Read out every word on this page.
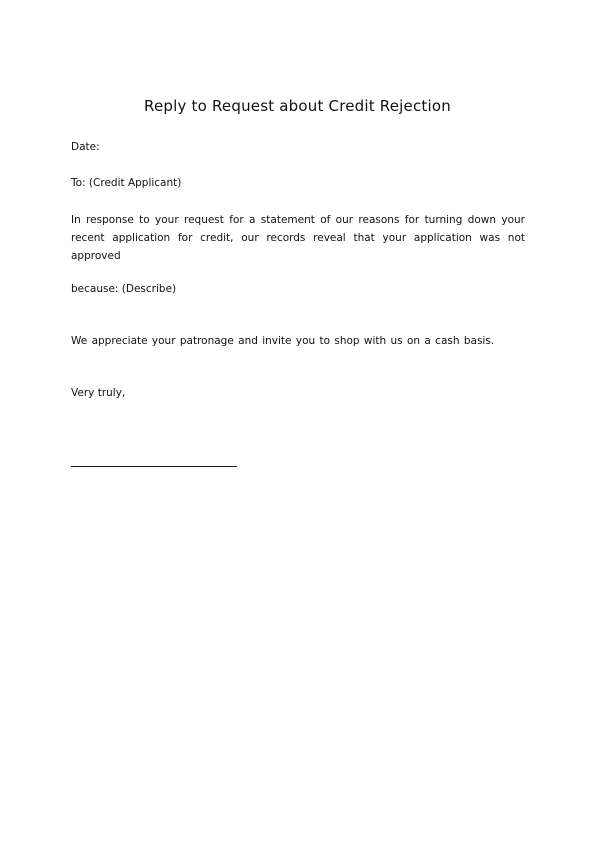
Reply to Request about Credit Rejection
Date:
To: (Credit Applicant)
In response to your request for a statement of our reasons for turning down your
recent application for credit, our records reveal that your application was not
approved
because: (Describe)
We appreciate your patronage and invite you to shop with us on a cash basis.
Very truly,
